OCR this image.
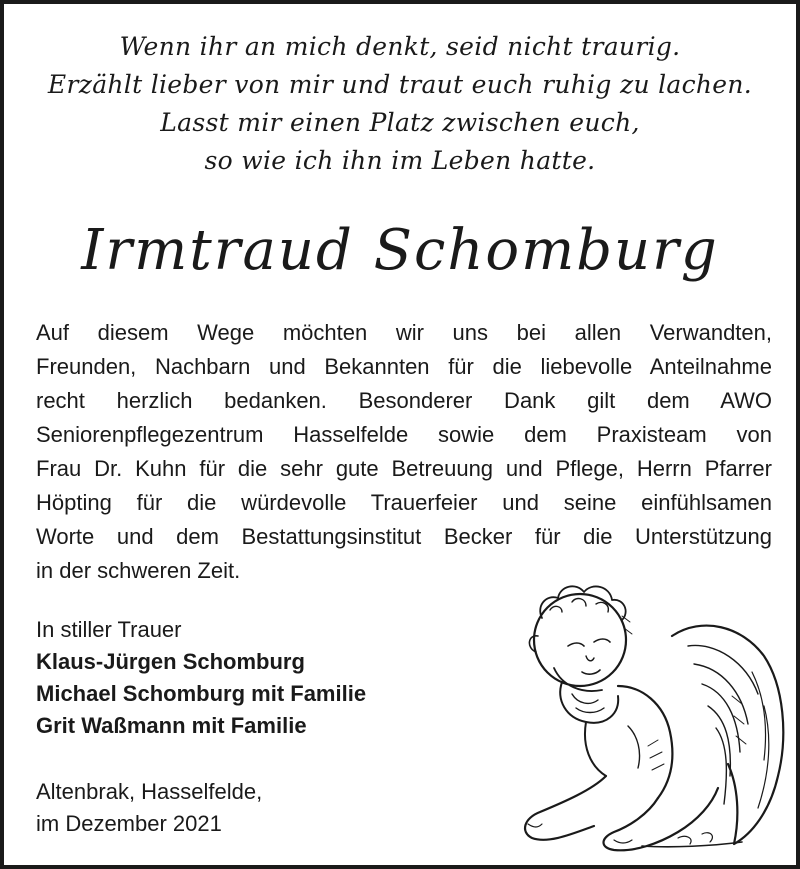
Wenn ihr an mich denkt, seid nicht traurig.
Erzählt lieber von mir und traut euch ruhig zu lachen.
Lasst mir einen Platz zwischen euch,
so wie ich ihn im Leben hatte.
Irmtraud Schomburg
Auf diesem Wege möchten wir uns bei allen Verwandten,
Freunden, Nachbarn und Bekannten für die liebevolle Anteilnahme
recht herzlich bedanken. Besonderer Dank gilt dem AWO
Seniorenpflegezentrum Hasselfelde sowie dem Praxisteam von
Frau Dr. Kuhn für die sehr gute Betreuung und Pflege, Herrn Pfarrer
Höpting für die würdevolle Trauerfeier und seine einfühlsamen
Worte und dem Bestattungsinstitut Becker für die Unterstützung
in der schweren Zeit.
In stiller Trauer
Klaus-Jürgen Schomburg
Michael Schomburg mit Familie
Grit Waßmann mit Familie
Altenbrak, Hasselfelde,
im Dezember 2021
